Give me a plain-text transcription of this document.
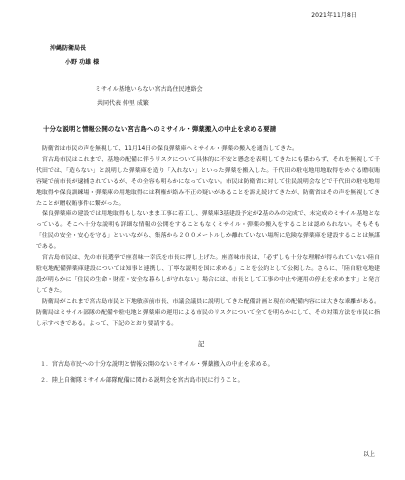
2021年11月8日
沖縄防衛局長
小野 功雄 様
ミサイル基地いらない宮古島住民連絡会
共同代表 仲里 成繁
十分な説明と情報公開のない宮古島へのミサイル・弾薬搬入の中止を求める要請

防衛省は市民の声を無視して、11月14日の保良弾薬庫へミサイル・弾薬の搬入を通告してきた。

宮古島市民はこれまで、基地の配備に伴うリスクについて具体的に不安と懸念を表明してきたにも係わらず、それを無視して千代田では、「造らない」と説明した弾薬庫を造り「入れない」といった弾薬を搬入した。千代田の駐屯地用地取得をめぐる贈収賄容疑で前市長が逮捕されているが、その全容も明らかになっていない。市民は防衛省に対して住民説明会などで千代田の駐屯地用地取得や保良訓練場・弾薬庫の用地取得には利権が絡み不正の疑いがあることを訴え続けてきたが、防衛省はその声を無視してきたことが贈収賄事件に繋がった。

保良弾薬庫の建設では用地取得もしないまま工事に着工し、弾薬庫3基建設予定が2基のみの完成で、未完成のミサイル基地となっている。そこへ十分な説明も詳細な情報の公開をすることもなくミサイル・弾薬の搬入をすることは認められない。そもそも「住民の安全・安心を守る」といいながら、集落から２００メートルしか離れていない場所に危険な弾薬庫を建設することは無謀である。

宮古島市民は、先の市長選挙で座喜味一幸氏を市長に押し上げた。座喜味市長は、「必ずしも十分な理解が得られていない陸自駐屯地配備弾薬庫建設については知事と連携し、丁寧な説明を国に求める」ことを公約として公掲した。さらに、「陸自駐屯地建設が明らかに「住民の生命・財産・安全な暮らしが守れない」場合には、市長として工事の中止や運用の停止を求めます」と発言してきた。

防衛局がこれまで宮古島市民と下地敏彦前市長、市議会議員に説明してきた配備計画と現在の配備内容には大きな乖離がある。防衛局はミサイル部隊の配備や駐屯地と弾薬庫の運用による市民のリスクについて全てを明らかにして、その対策方法を市民に指し示すべきである。よって、下記のとおり要請する。

記
１．宮古島市民への十分な説明と情報公開のないミサイル・弾薬搬入の中止を求める。
２．陸上自衛隊ミサイル部隊配備に関わる説明会を宮古島市民に行うこと。
以上
